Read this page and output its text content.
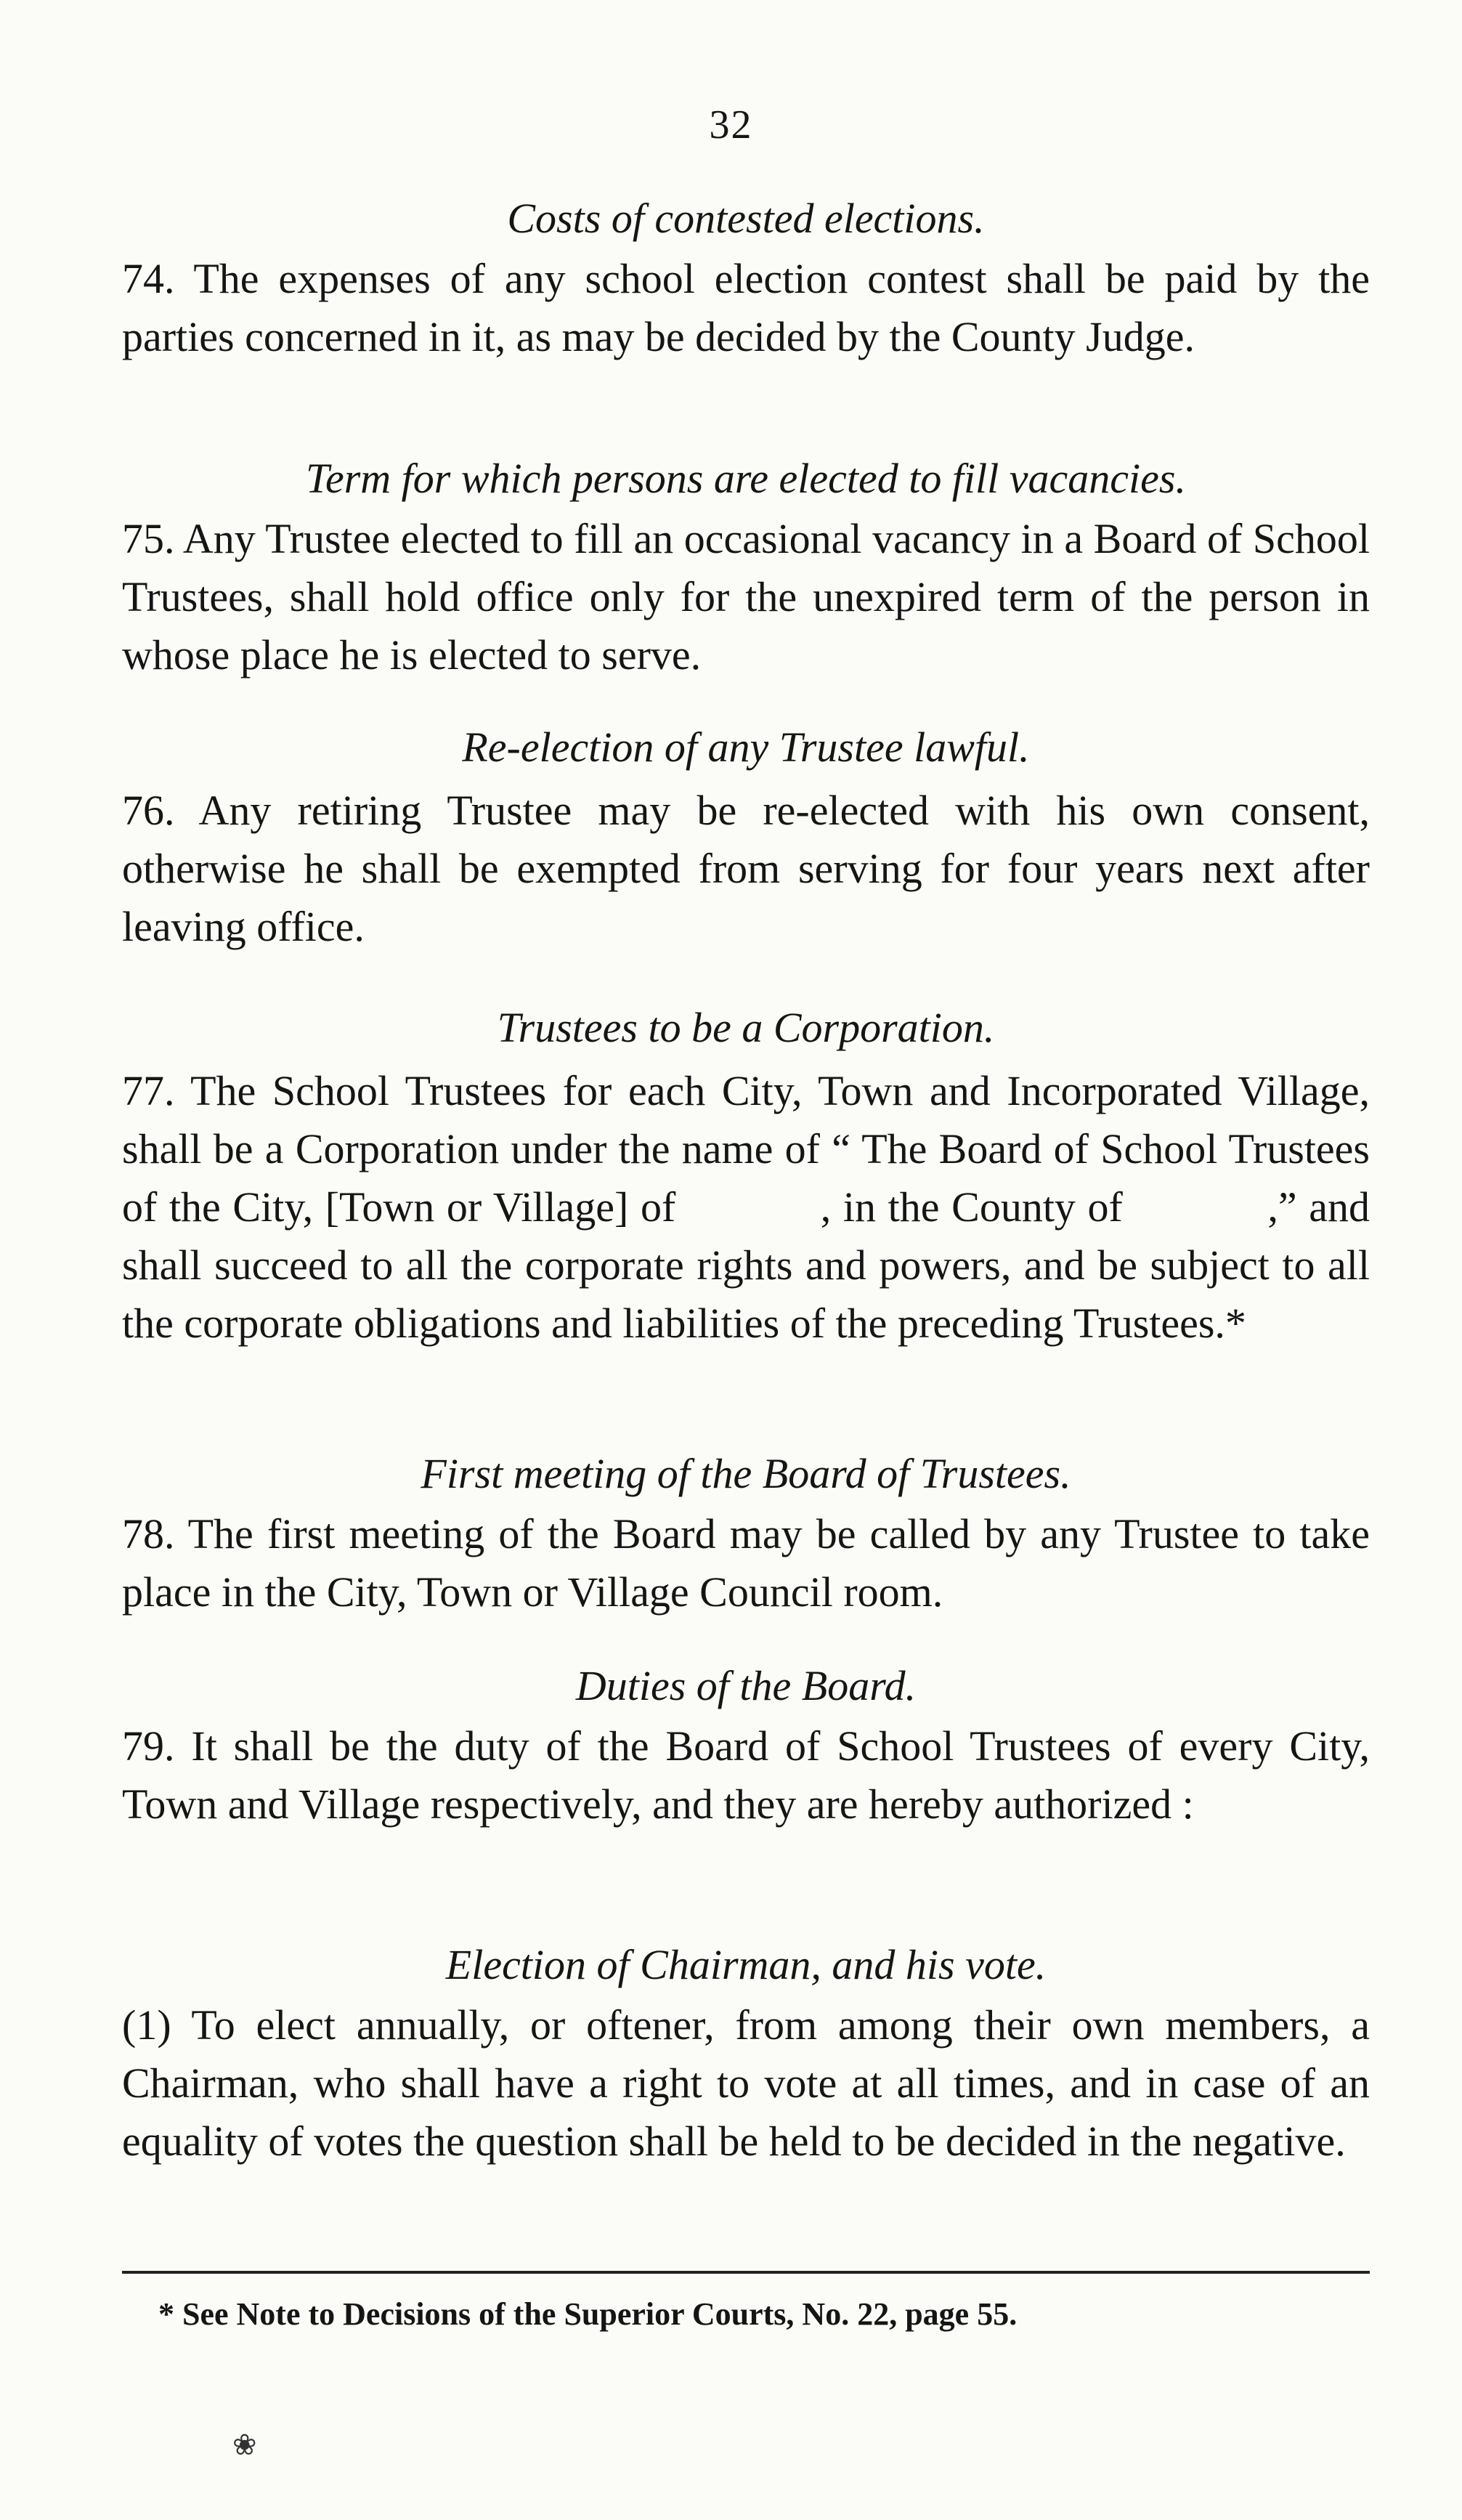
32

Costs of contested elections.

74. The expenses of any school election contest shall be paid by the parties concerned in it, as may be decided by the County Judge.

Term for which persons are elected to fill vacancies.

75. Any Trustee elected to fill an occasional vacancy in a Board of School Trustees, shall hold office only for the unexpired term of the person in whose place he is elected to serve.

Re-election of any Trustee lawful.

76. Any retiring Trustee may be re-elected with his own consent, otherwise he shall be exempted from serving for four years next after leaving office.

Trustees to be a Corporation.

77. The School Trustees for each City, Town and Incorporated Village, shall be a Corporation under the name of “ The Board of School Trustees of the City, [Town or Village] of            , in the County of            ,” and shall succeed to all the corporate rights and powers, and be subject to all the corporate obligations and liabilities of the preceding Trustees.*

First meeting of the Board of Trustees.

78. The first meeting of the Board may be called by any Trustee to take place in the City, Town or Village Council room.

Duties of the Board.

79. It shall be the duty of the Board of School Trustees of every City, Town and Village respectively, and they are hereby authorized :

Election of Chairman, and his vote.

(1) To elect annually, or oftener, from among their own members, a Chairman, who shall have a right to vote at all times, and in case of an equality of votes the question shall be held to be decided in the negative.

* See Note to Decisions of the Superior Courts, No. 22, page 55.
❀
